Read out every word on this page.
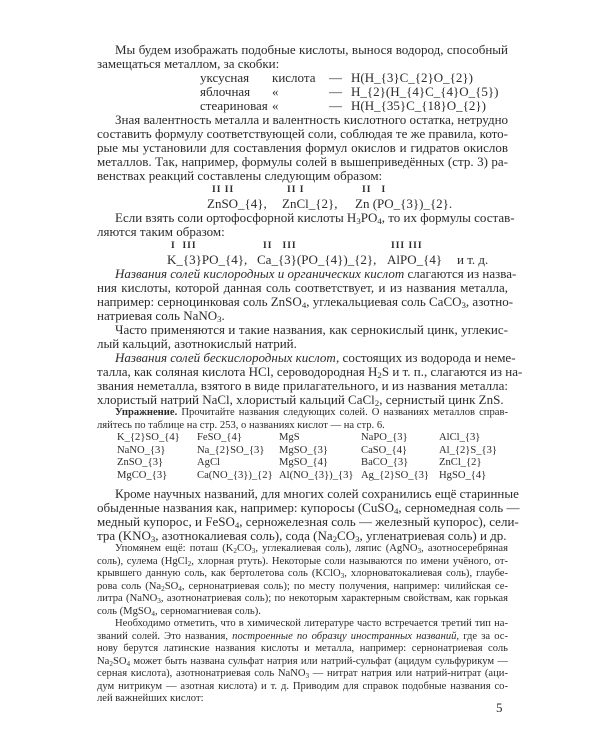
Мы будем изображать подобные кислоты, вынося водород, способный
замещаться металлом, за скобки:
уксусная кислота — H(H_{3}C_{2}O_{2})
яблочная «	— H_{2}(H_{4}C_{4}O_{5})
стеариновая «	— H(H_{35}C_{18}O_{2})
Зная валентность металла и валентность кислотного остатка, нетрудно
составить формулу соответствующей соли, соблюдая те же правила, кото-
рые мы установили для составления формул окислов и гидратов окислов
металлов. Так, например, формулы солей в вышеприведённых (стр. 3) ра-
венствах реакций составлены следующим образом:
II II	II I	II   I
ZnSO_{4}, ZnCl_{2}, Zn (PO_{3})_{2}.
Если взять соли ортофосфорной кислоты $H_3PO_4$, то их формулы состав-
ляются таким образом:
I  III	II   III	III III
K_{3}PO_{4}, Ca_{3}(PO_{4})_{2}, AlPO_{4} и т. д.
Названия солей кислородных и органических кислот слагаются из назва-
ния кислоты, которой данная соль соответствует, и из названия металла,
например: серноцинковая соль ZnSO$_4$, углекальциевая соль CaCO$_3$, азотно-
натриевая соль NaNO$_3$.
Часто применяются и такие названия, как сернокислый цинк, углекис-
лый кальций, азотнокислый натрий.
Названия солей бескислородных кислот, состоящих из водорода и неме-
талла, как соляная кислота HCl, сероводородная $H_2S$ и т. п., слагаются из на-
звания неметалла, взятого в виде прилагательного, и из названия металла:
хлористый натрий NaCl, хлористый кальций CaCl$_2$, сернистый цинк ZnS.
Упражнение. Прочитайте названия следующих солей. О названиях металлов справ-
ляйтесь по таблице на стр. 253, о названиях кислот — на стр. 6.
K_{2}SO_{4} FeSO_{4}	MgS	NaPO_{3}	AlCl_{3}
NaNO_{3}	Na_{2}SO_{3} MgSO_{3}	CaSO_{4}	Al_{2}S_{3}
ZnSO_{3}	AgCl	MgSO_{4}	BaCO_{3}	ZnCl_{2}
MgCO_{3}	Ca(NO_{3})_{2} Al(NO_{3})_{3} Ag_{2}SO_{3} HgSO_{4}
Кроме научных названий, для многих солей сохранились ещё старинные
обыденные названия как, например: купоросы (CuSO$_4$, серномедная соль —
медный купорос, и FeSO$_4$, серножелезная соль — железный купорос), сели-
тра ($KNO_3$, азотнокалиевая соль), сода ($Na_2CO_3$, угленатриевая соль) и др.
Упомянем ещё: поташ ($K_2CO_3$, углекалиевая соль), ляпис (AgNO$_3$, азотносеребряная
соль), сулема (HgCl$_2$, хлорная ртуть). Некоторые соли называются по имени учёного, от-
крывшего данную соль, как бертолетова соль (KClO$_3$, хлорноватокалиевая соль), глаубе-
рова соль ($Na_2SO_4$, сернонатриевая соль); по месту получения, например: чилийская се-
литра (NaNO$_3$, азотнонатриевая соль); по некоторым характерным свойствам, как горькая
соль (MgSO$_4$, серномагниевая соль).
Необходимо отметить, что в химической литературе часто встречается третий тип на-
званий солей. Это названия, построенные по образцу иностранных названий, где за ос-
нову берутся латинские названия кислоты и металла, например: сернонатриевая соль
$Na_2SO_4$ может быть названа сульфат натрия или натрий-сульфат (ацидум сульфурикум —
серная кислота), азотнонатриевая соль NaNO$_3$ — нитрат натрия или натрий-нитрат (аци-
дум нитрикум — азотная кислота) и т. д. Приводим для справок подобные названия со-
лей важнейших кислот:
5
